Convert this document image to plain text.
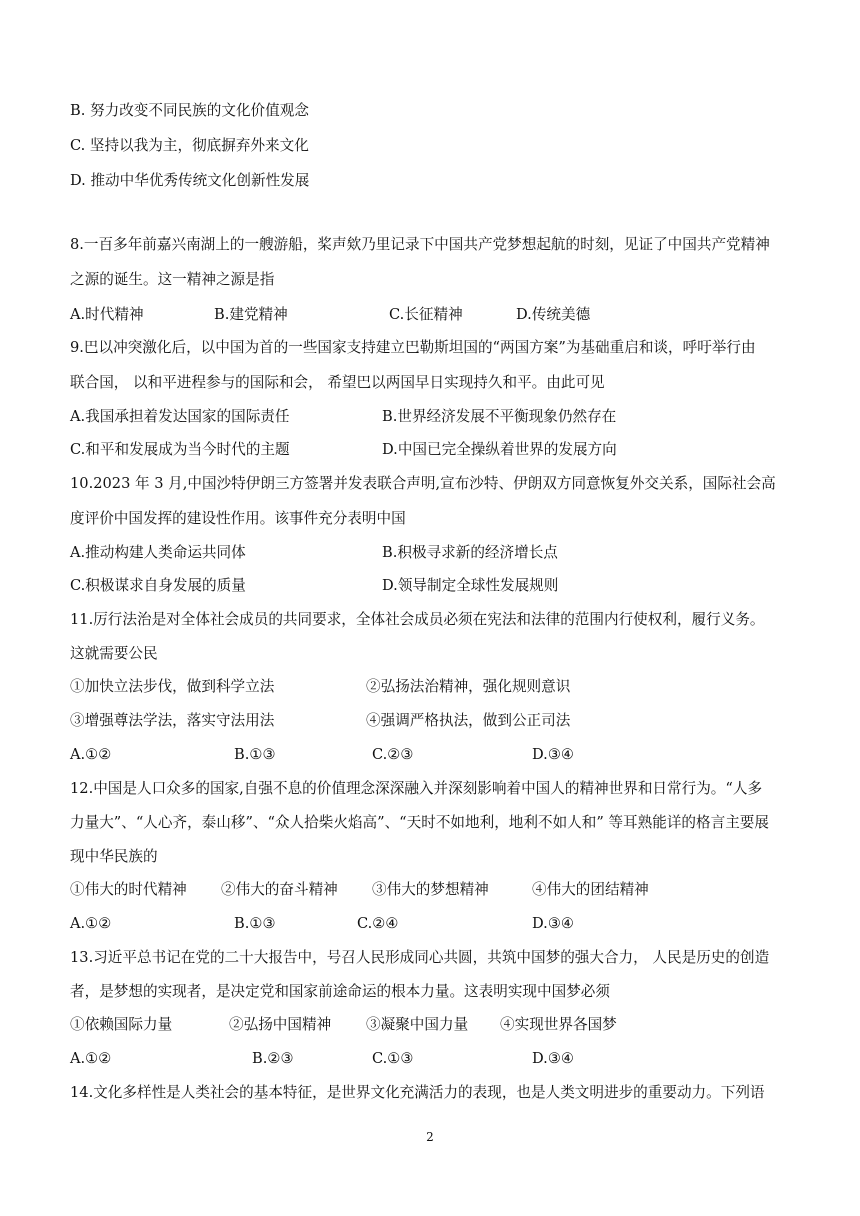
B. 努力改变不同民族的文化价值观念
C. 坚持以我为主，彻底摒弃外来文化
D. 推动中华优秀传统文化创新性发展
8.一百多年前嘉兴南湖上的一艘游船，桨声欸乃里记录下中国共产党梦想起航的时刻，见证了中国共产党精神
之源的诞生。这一精神之源是指
A.时代精神	B.建党精神	C.长征精神	D.传统美德
9.巴以冲突激化后，以中国为首的一些国家支持建立巴勒斯坦国的“两国方案”为基础重启和谈，呼吁举行由
联合国， 以和平进程参与的国际和会， 希望巴以两国早日实现持久和平。由此可见
A.我国承担着发达国家的国际责任	B.世界经济发展不平衡现象仍然存在
C.和平和发展成为当今时代的主题	D.中国已完全操纵着世界的发展方向
10.2023 年 3 月,中国沙特伊朗三方签署并发表联合声明,宣布沙特、伊朗双方同意恢复外交关系，国际社会高
度评价中国发挥的建设性作用。该事件充分表明中国
A.推动构建人类命运共同体	B.积极寻求新的经济增长点
C.积极谋求自身发展的质量	D.领导制定全球性发展规则
11.厉行法治是对全体社会成员的共同要求，全体社会成员必须在宪法和法律的范围内行使权利，履行义务。
这就需要公民
①加快立法步伐，做到科学立法	②弘扬法治精神，强化规则意识
③增强尊法学法，落实守法用法	④强调严格执法，做到公正司法
A.①②	B.①③	C.②③	D.③④
12.中国是人口众多的国家,自强不息的价值理念深深融入并深刻影响着中国人的精神世界和日常行为。“人多
力量大”、“人心齐，泰山移”、“众人拾柴火焰高”、“天时不如地利，地利不如人和” 等耳熟能详的格言主要展
现中华民族的
①伟大的时代精神 ②伟大的奋斗精神 ③伟大的梦想精神	④伟大的团结精神
A.①②	B.①③	C.②④	D.③④
13.习近平总书记在党的二十大报告中，号召人民形成同心共圆，共筑中国梦的强大合力， 人民是历史的创造
者，是梦想的实现者，是决定党和国家前途命运的根本力量。这表明实现中国梦必须
①依赖国际力量	②弘扬中国精神 ③凝聚中国力量 ④实现世界各国梦
A.①②	B.②③	C.①③	D.③④
14.文化多样性是人类社会的基本特征，是世界文化充满活力的表现，也是人类文明进步的重要动力。下列语
2
